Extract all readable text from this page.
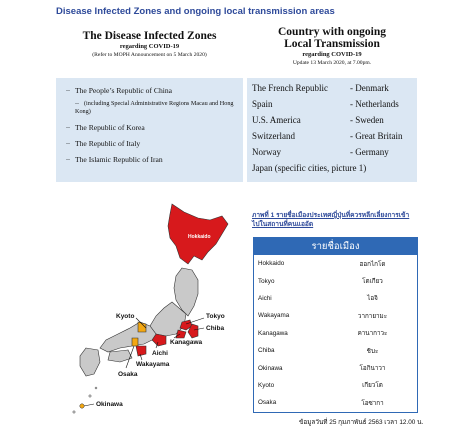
Disease Infected Zones and ongoing local transmission areas
The Disease Infected Zones
regarding COVID-19
(Refer to MOPH Announcement on 5 March 2020)
‥ The People’s Republic of China
‥ (including Special Administrative Regions Macau and Hong Kong)
‥ The Republic of Korea
‥ The Republic of Italy
‥ The Islamic Republic of Iran
Country with ongoing
Local Transmission
regarding COVID-19
Update 13 March 2020, at 7.00pm.
The French Republic - Denmark
Spain	- Netherlands
U.S. America	- Sweden
Switzerland	- Great Britain
Norway	- Germany
Japan (specific cities, picture 1)
Hokkaido
Kyoto	Tokyo
Chiba
Kanagawa
Aichi
Wakayama
Osaka
Okinawa
ภาพที่ 1 รายชื่อเมืองประเทศญี่ปุ่นที่ควรหลีกเลี่ยงการเข้า
ไปในสถานที่คนแออัด
รายชื่อเมือง	
Hokkaido	ฮอกไกโด
Tokyo	โตเกียว
Aichi	ไอจิ
Wakayama	วากายามะ
Kanagawa	คานากาวะ
Chiba	ชิบะ
Okinawa	โอกินาวา
Kyoto	เกียวโต
Osaka	โอซากา
ข้อมูลวันที่ 25 กุมภาพันธ์ 2563 เวลา 12.00 น.
